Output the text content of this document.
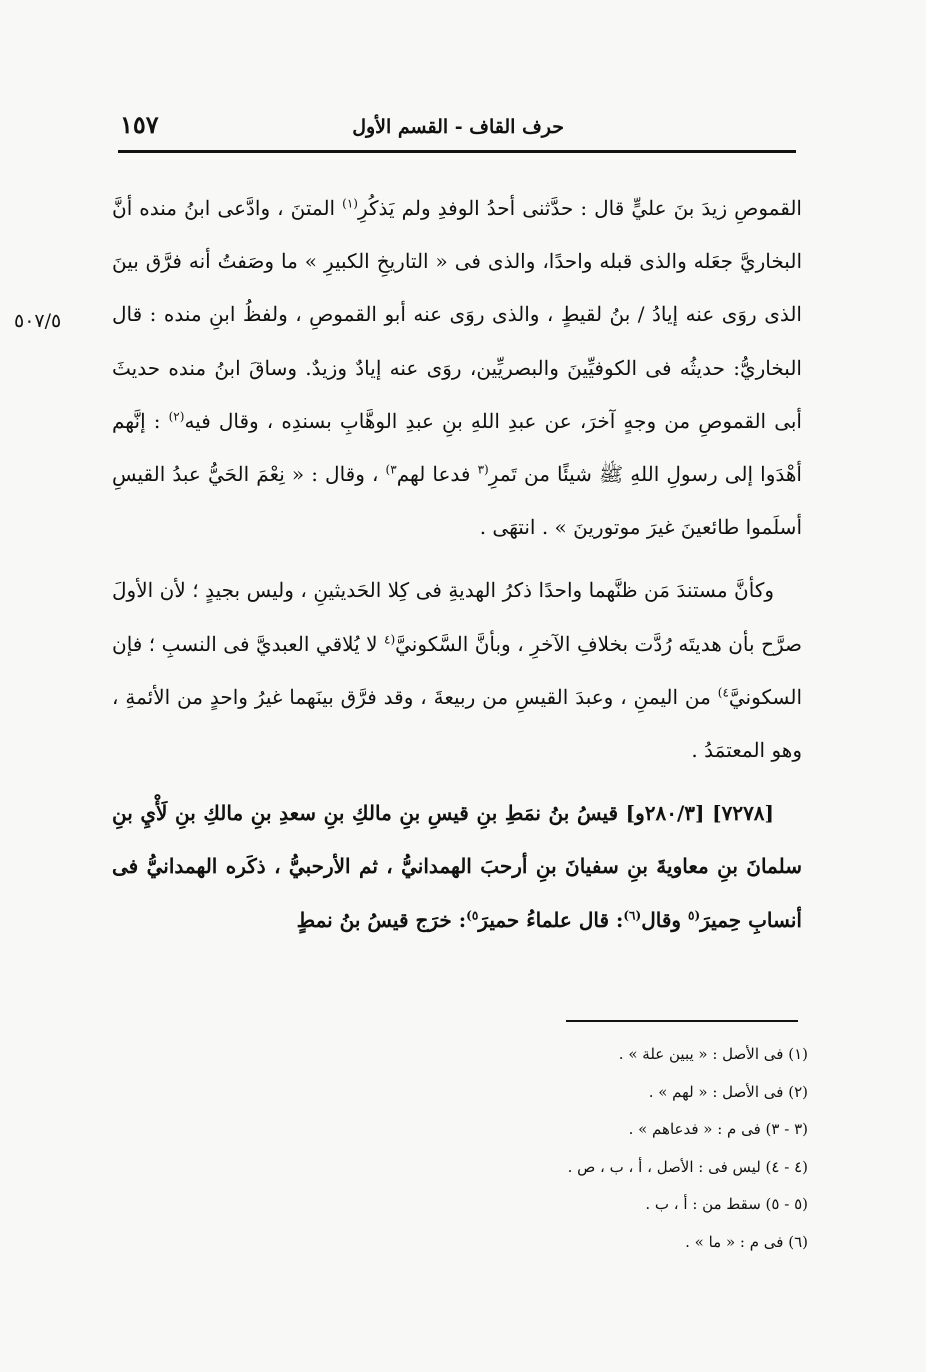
حرف القاف - القسم الأول
١٥٧
٥٠٧/٥

القموصِ زيدَ بنَ عليٍّ قال : حدَّثنى أحدُ الوفدِ ولم يَذكُرِ$^{(١)}$ المتنَ ، وادَّعى ابنُ منده أنَّ البخاريَّ جعَله والذى قبله واحدًا، والذى فى « التاريخِ الكبيرِ » ما وصَفتُ أنه فرَّق بينَ الذى روَى عنه إيادُ / بنُ لقيطٍ ، والذى روَى عنه أبو القموصِ ، ولفظُ ابنِ منده : قال البخاريُّ: حديثُه فى الكوفيِّينَ والبصريِّين، روَى عنه إيادٌ وزيدٌ. وساقَ ابنُ منده حديثَ أبى القموصِ من وجهٍ آخرَ، عن عبدِ اللهِ بنِ عبدِ الوهَّابِ بسندِه ، وقال فيه$^{(٢)}$ : إنَّهم أهْدَوا إلى رسولِ اللهِ ﷺ شيئًا من تَمرِ$^{(٣}$ فدعا لهم$^{٣)}$ ، وقال : « نِعْمَ الحَيُّ عبدُ القيسِ أسلَموا طائعينَ غيرَ موتورينَ » . انتهَى .

وكأنَّ مستندَ مَن ظنَّهما واحدًا ذكرُ الهديةِ فى كِلا الحَديثينِ ، وليس بجيدٍ ؛ لأن الأولَ صرَّح بأن هديتَه رُدَّت بخلافِ الآخرِ ، وبأنَّ السَّكونيَّ$^{(٤}$ لا يُلاقي العبديَّ فى النسبِ ؛ فإن السكونيَّ$^{٤)}$ من اليمنِ ، وعبدَ القيسِ من ربيعةَ ، وقد فرَّق بينَهما غيرُ واحدٍ من الأئمةِ ، وهو المعتمَدُ .

[٧٢٧٨] [٢٨٠/٣و] قيسُ بنُ نمَطِ بنِ قيسِ بنِ مالكِ بنِ سعدِ بنِ مالكِ بنِ لَأْيِ بنِ سلمانَ بنِ معاويةَ بنِ سفيانَ بنِ أرحبَ الهمدانيُّ ، ثم الأرحبيُّ ، ذكَره الهمدانيُّ فى أنسابِ حِميرَ$^{(٥}$ وقال$^{(٦)}$: قال علماءُ حميرَ$^{٥)}$: خرَج قيسُ بنُ نمطٍ

(١) فى الأصل : « يبين علة » .
(٢) فى الأصل : « لهم » .
(٣ - ٣) فى م : « فدعاهم » .
(٤ - ٤) ليس فى : الأصل ، أ ، ب ، ص .
(٥ - ٥) سقط من : أ ، ب .
(٦) فى م : « ما » .
